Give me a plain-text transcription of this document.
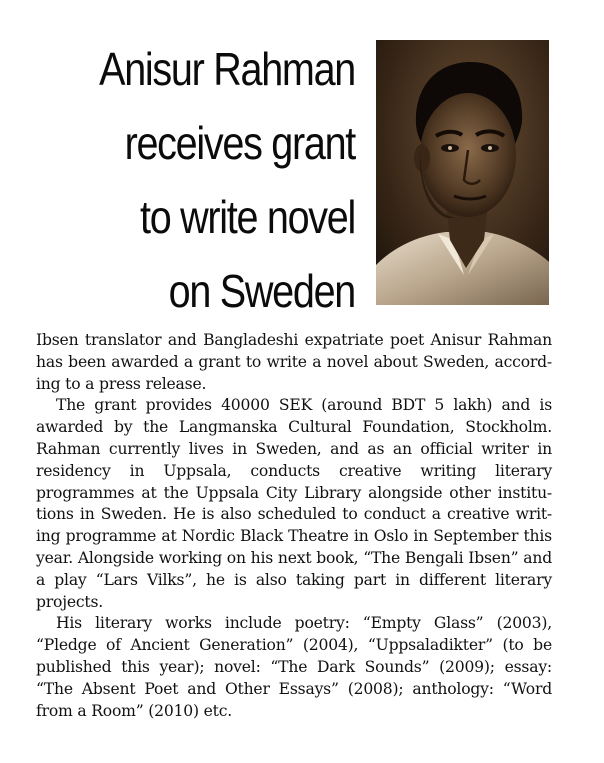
Anisur Rahman
receives grant
to write novel
on Sweden

Ibsen translator and Bangladeshi expatriate poet Anisur Rahman has been awarded a grant to write a novel about Sweden, accord-ing to a press release.

The grant provides 40000 SEK (around BDT 5 lakh) and is awarded by the Langmanska Cultural Foundation, Stockholm. Rahman currently lives in Sweden, and as an official writer in residency in Uppsala, conducts creative writing literary programmes at the Uppsala City Library alongside other institu-tions in Sweden. He is also scheduled to conduct a creative writ-ing programme at Nordic Black Theatre in Oslo in September this year. Alongside working on his next book, “The Bengali Ibsen” and a play “Lars Vilks”, he is also taking part in different literary projects.

His literary works include poetry: “Empty Glass” (2003), “Pledge of Ancient Generation” (2004), “Uppsaladikter” (to be published this year); novel: “The Dark Sounds” (2009); essay: “The Absent Poet and Other Essays” (2008); anthology: “Word from a Room” (2010) etc.
